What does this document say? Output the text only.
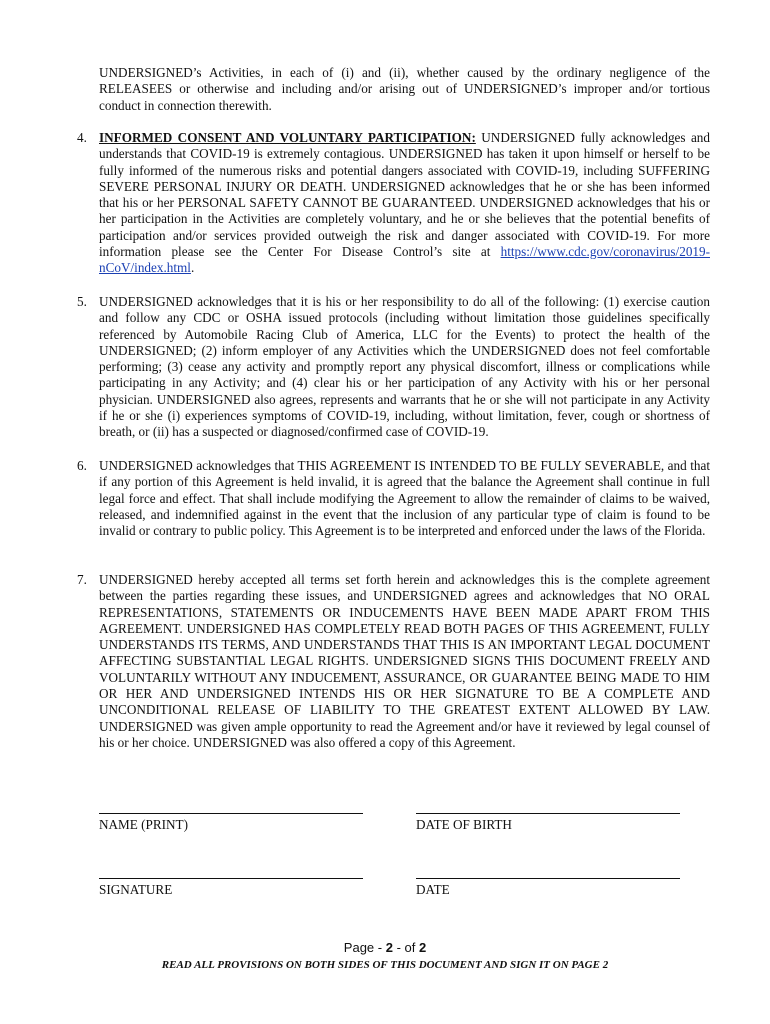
UNDERSIGNED’s Activities, in each of (i) and (ii), whether caused by the ordinary negligence of the RELEASEES or otherwise and including and/or arising out of UNDERSIGNED’s improper and/or tortious conduct in connection therewith.
4. INFORMED CONSENT AND VOLUNTARY PARTICIPATION: UNDERSIGNED fully acknowledges and understands that COVID-19 is extremely contagious. UNDERSIGNED has taken it upon himself or herself to be fully informed of the numerous risks and potential dangers associated with COVID-19, including SUFFERING SEVERE PERSONAL INJURY OR DEATH. UNDERSIGNED acknowledges that he or she has been informed that his or her PERSONAL SAFETY CANNOT BE GUARANTEED. UNDERSIGNED acknowledges that his or her participation in the Activities are completely voluntary, and he or she believes that the potential benefits of participation and/or services provided outweigh the risk and danger associated with COVID-19. For more information please see the Center For Disease Control’s site at https://www.cdc.gov/coronavirus/2019-nCoV/index.html.
5. UNDERSIGNED acknowledges that it is his or her responsibility to do all of the following: (1) exercise caution and follow any CDC or OSHA issued protocols (including without limitation those guidelines specifically referenced by Automobile Racing Club of America, LLC for the Events) to protect the health of the UNDERSIGNED; (2) inform employer of any Activities which the UNDERSIGNED does not feel comfortable performing; (3) cease any activity and promptly report any physical discomfort, illness or complications while participating in any Activity; and (4) clear his or her participation of any Activity with his or her personal physician. UNDERSIGNED also agrees, represents and warrants that he or she will not participate in any Activity if he or she (i) experiences symptoms of COVID-19, including, without limitation, fever, cough or shortness of breath, or (ii) has a suspected or diagnosed/confirmed case of COVID-19.
6. UNDERSIGNED acknowledges that THIS AGREEMENT IS INTENDED TO BE FULLY SEVERABLE, and that if any portion of this Agreement is held invalid, it is agreed that the balance the Agreement shall continue in full legal force and effect. That shall include modifying the Agreement to allow the remainder of claims to be waived, released, and indemnified against in the event that the inclusion of any particular type of claim is found to be invalid or contrary to public policy. This Agreement is to be interpreted and enforced under the laws of the Florida.
7. UNDERSIGNED hereby accepted all terms set forth herein and acknowledges this is the complete agreement between the parties regarding these issues, and UNDERSIGNED agrees and acknowledges that NO ORAL REPRESENTATIONS, STATEMENTS OR INDUCEMENTS HAVE BEEN MADE APART FROM THIS AGREEMENT. UNDERSIGNED HAS COMPLETELY READ BOTH PAGES OF THIS AGREEMENT, FULLY UNDERSTANDS ITS TERMS, AND UNDERSTANDS THAT THIS IS AN IMPORTANT LEGAL DOCUMENT AFFECTING SUBSTANTIAL LEGAL RIGHTS. UNDERSIGNED SIGNS THIS DOCUMENT FREELY AND VOLUNTARILY WITHOUT ANY INDUCEMENT, ASSURANCE, OR GUARANTEE BEING MADE TO HIM OR HER AND UNDERSIGNED INTENDS HIS OR HER SIGNATURE TO BE A COMPLETE AND UNCONDITIONAL RELEASE OF LIABILITY TO THE GREATEST EXTENT ALLOWED BY LAW. UNDERSIGNED was given ample opportunity to read the Agreement and/or have it reviewed by legal counsel of his or her choice. UNDERSIGNED was also offered a copy of this Agreement.
NAME (PRINT)	DATE OF BIRTH
SIGNATURE	DATE
Page - 2 - of 2
READ ALL PROVISIONS ON BOTH SIDES OF THIS DOCUMENT AND SIGN IT ON PAGE 2
